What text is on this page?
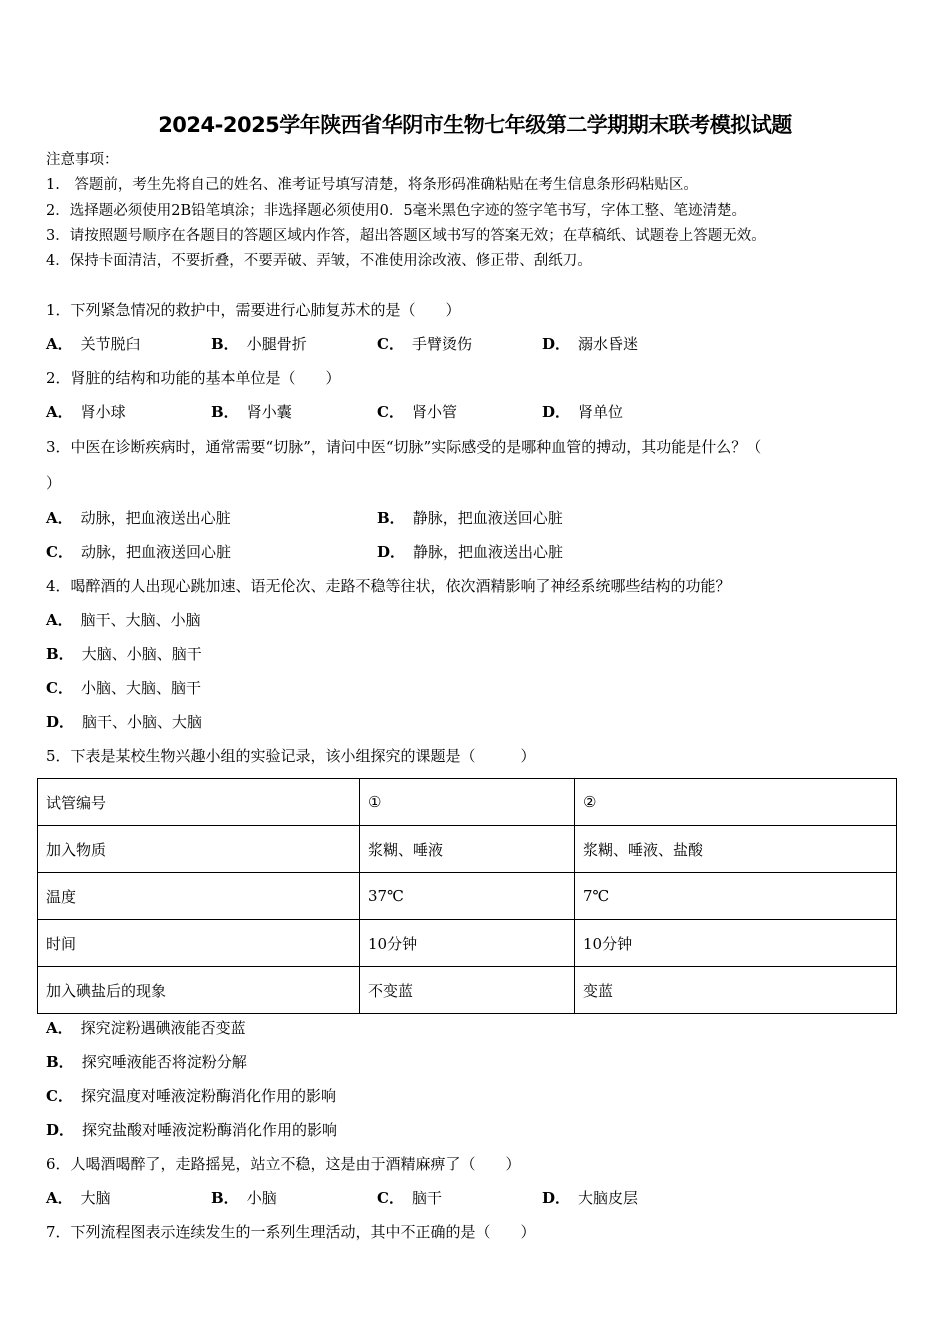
2024-2025学年陕西省华阴市生物七年级第二学期期末联考模拟试题
注意事项：
1.　答题前，考生先将自己的姓名、准考证号填写清楚，将条形码准确粘贴在考生信息条形码粘贴区。
2．选择题必须使用2B铅笔填涂；非选择题必须使用0．5毫米黑色字迹的签字笔书写，字体工整、笔迹清楚。
3．请按照题号顺序在各题目的答题区域内作答，超出答题区域书写的答案无效；在草稿纸、试题卷上答题无效。
4．保持卡面清洁，不要折叠，不要弄破、弄皱，不准使用涂改液、修正带、刮纸刀。
1．下列紧急情况的救护中，需要进行心肺复苏术的是（　　）
A． 关节脱臼	B． 小腿骨折	C． 手臂烫伤	D． 溺水昏迷
2．肾脏的结构和功能的基本单位是（　　）
A． 肾小球	B． 肾小囊	C． 肾小管	D． 肾单位
3．中医在诊断疾病时，通常需要“切脉”，请问中医“切脉”实际感受的是哪种血管的搏动，其功能是什么？（
）
A． 动脉，把血液送出心脏	B． 静脉，把血液送回心脏
C． 动脉，把血液送回心脏	D． 静脉，把血液送出心脏
4．喝醉酒的人出现心跳加速、语无伦次、走路不稳等往状，依次酒精影响了神经系统哪些结构的功能？
A． 脑干、大脑、小脑
B． 大脑、小脑、脑干
C． 小脑、大脑、脑干
D． 脑干、小脑、大脑
5．下表是某校生物兴趣小组的实验记录，该小组探究的课题是（　　　）
试管编号	①	②
加入物质	浆糊、唾液	浆糊、唾液、盐酸
温度	37℃	7℃
时间	10分钟	10分钟
加入碘盐后的现象	不变蓝	变蓝
A． 探究淀粉遇碘液能否变蓝
B． 探究唾液能否将淀粉分解
C． 探究温度对唾液淀粉酶消化作用的影响
D． 探究盐酸对唾液淀粉酶消化作用的影响
6．人喝酒喝醉了，走路摇晃，站立不稳，这是由于酒精麻痹了（　　）
A． 大脑	B． 小脑	C． 脑干	D． 大脑皮层
7．下列流程图表示连续发生的一系列生理活动，其中不正确的是（　　）
